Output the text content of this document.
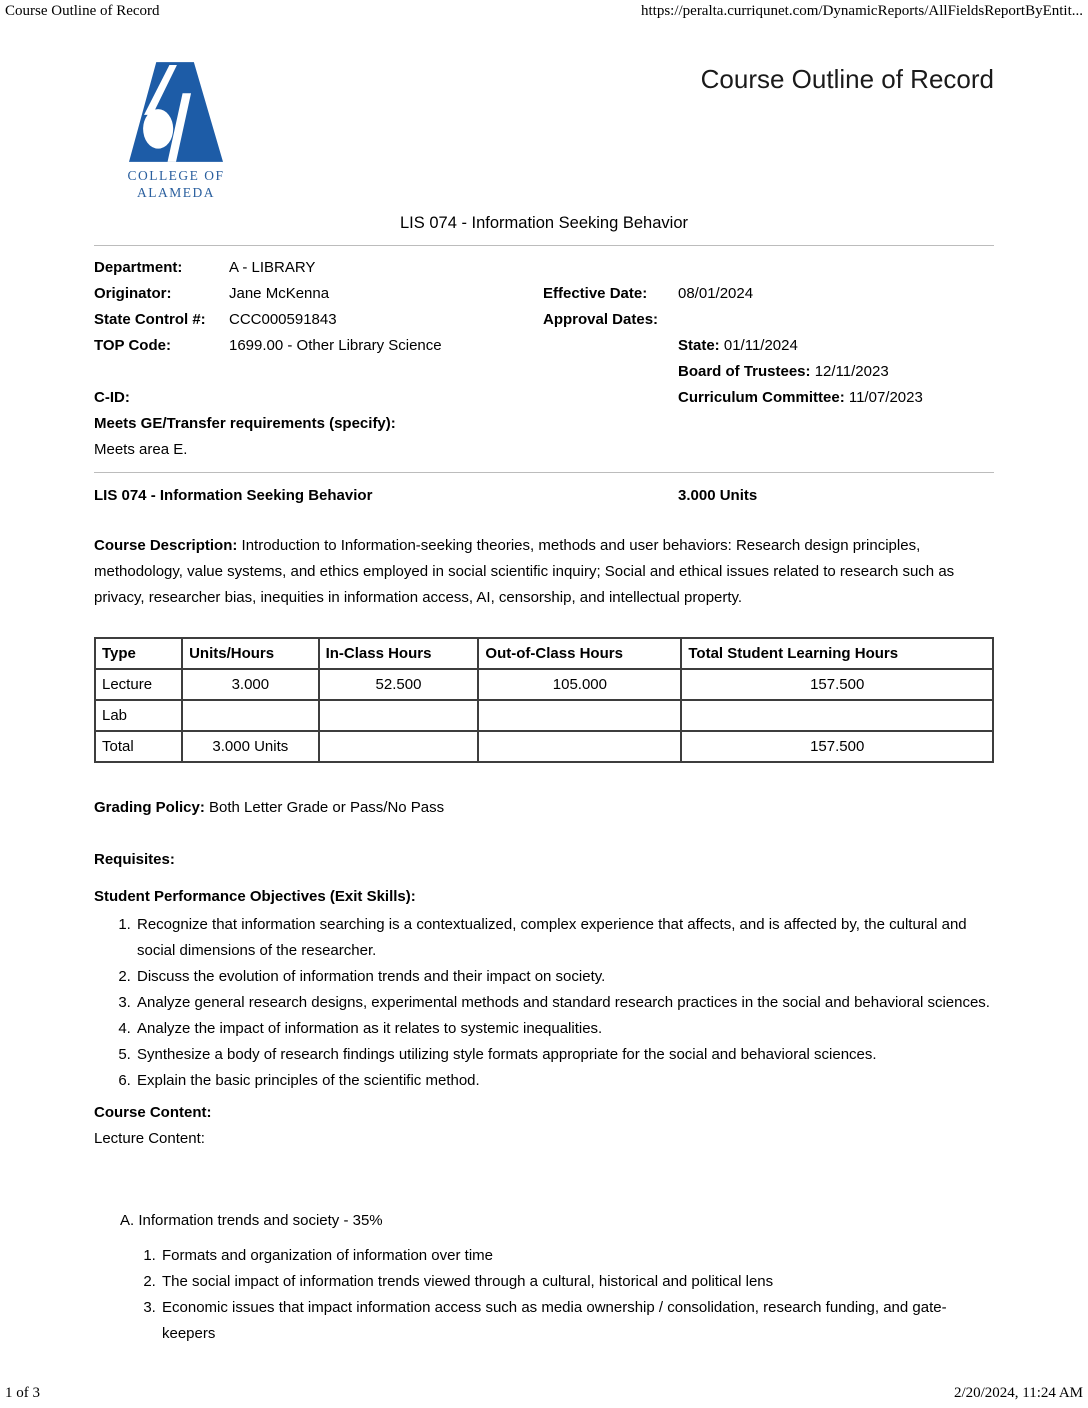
Course Outline of Record	https://peralta.curriqunet.com/DynamicReports/AllFieldsReportByEntit...
COLLEGE OF
ALAMEDA
Course Outline of Record
LIS 074 - Information Seeking Behavior
Department:	A - LIBRARY
Originator:	Jane McKenna	Effective Date:	08/01/2024
State Control #:	CCC000591843	Approval Dates:
TOP Code:	1699.00 - Other Library Science	State: 01/11/2024
Board of Trustees: 12/11/2023
C-ID:	Curriculum Committee: 11/07/2023
Meets GE/Transfer requirements (specify):
Meets area E.
LIS 074 - Information Seeking Behavior	3.000 Units
Course Description: Introduction to Information-seeking theories, methods and user behaviors: Research design principles, methodology, value systems, and ethics employed in social scientific inquiry; Social and ethical issues related to research such as privacy, researcher bias, inequities in information access, AI, censorship, and intellectual property.
Type	Units/Hours	In-Class Hours	Out-of-Class Hours	Total Student Learning Hours
Lecture	3.000	52.500	105.000	157.500
Lab				
Total	3.000 Units			157.500
Grading Policy: Both Letter Grade or Pass/No Pass
Requisites:
Student Performance Objectives (Exit Skills):
1. Recognize that information searching is a contextualized, complex experience that affects, and is affected by, the cultural and social dimensions of the researcher.
2. Discuss the evolution of information trends and their impact on society.
3. Analyze general research designs, experimental methods and standard research practices in the social and behavioral sciences.
4. Analyze the impact of information as it relates to systemic inequalities.
5. Synthesize a body of research findings utilizing style formats appropriate for the social and behavioral sciences.
6. Explain the basic principles of the scientific method.
Course Content:
Lecture Content:
A. Information trends and society - 35%
1. Formats and organization of information over time
2. The social impact of information trends viewed through a cultural, historical and political lens
3. Economic issues that impact information access such as media ownership / consolidation, research funding, and gate-keepers
1 of 3	2/20/2024, 11:24 AM
